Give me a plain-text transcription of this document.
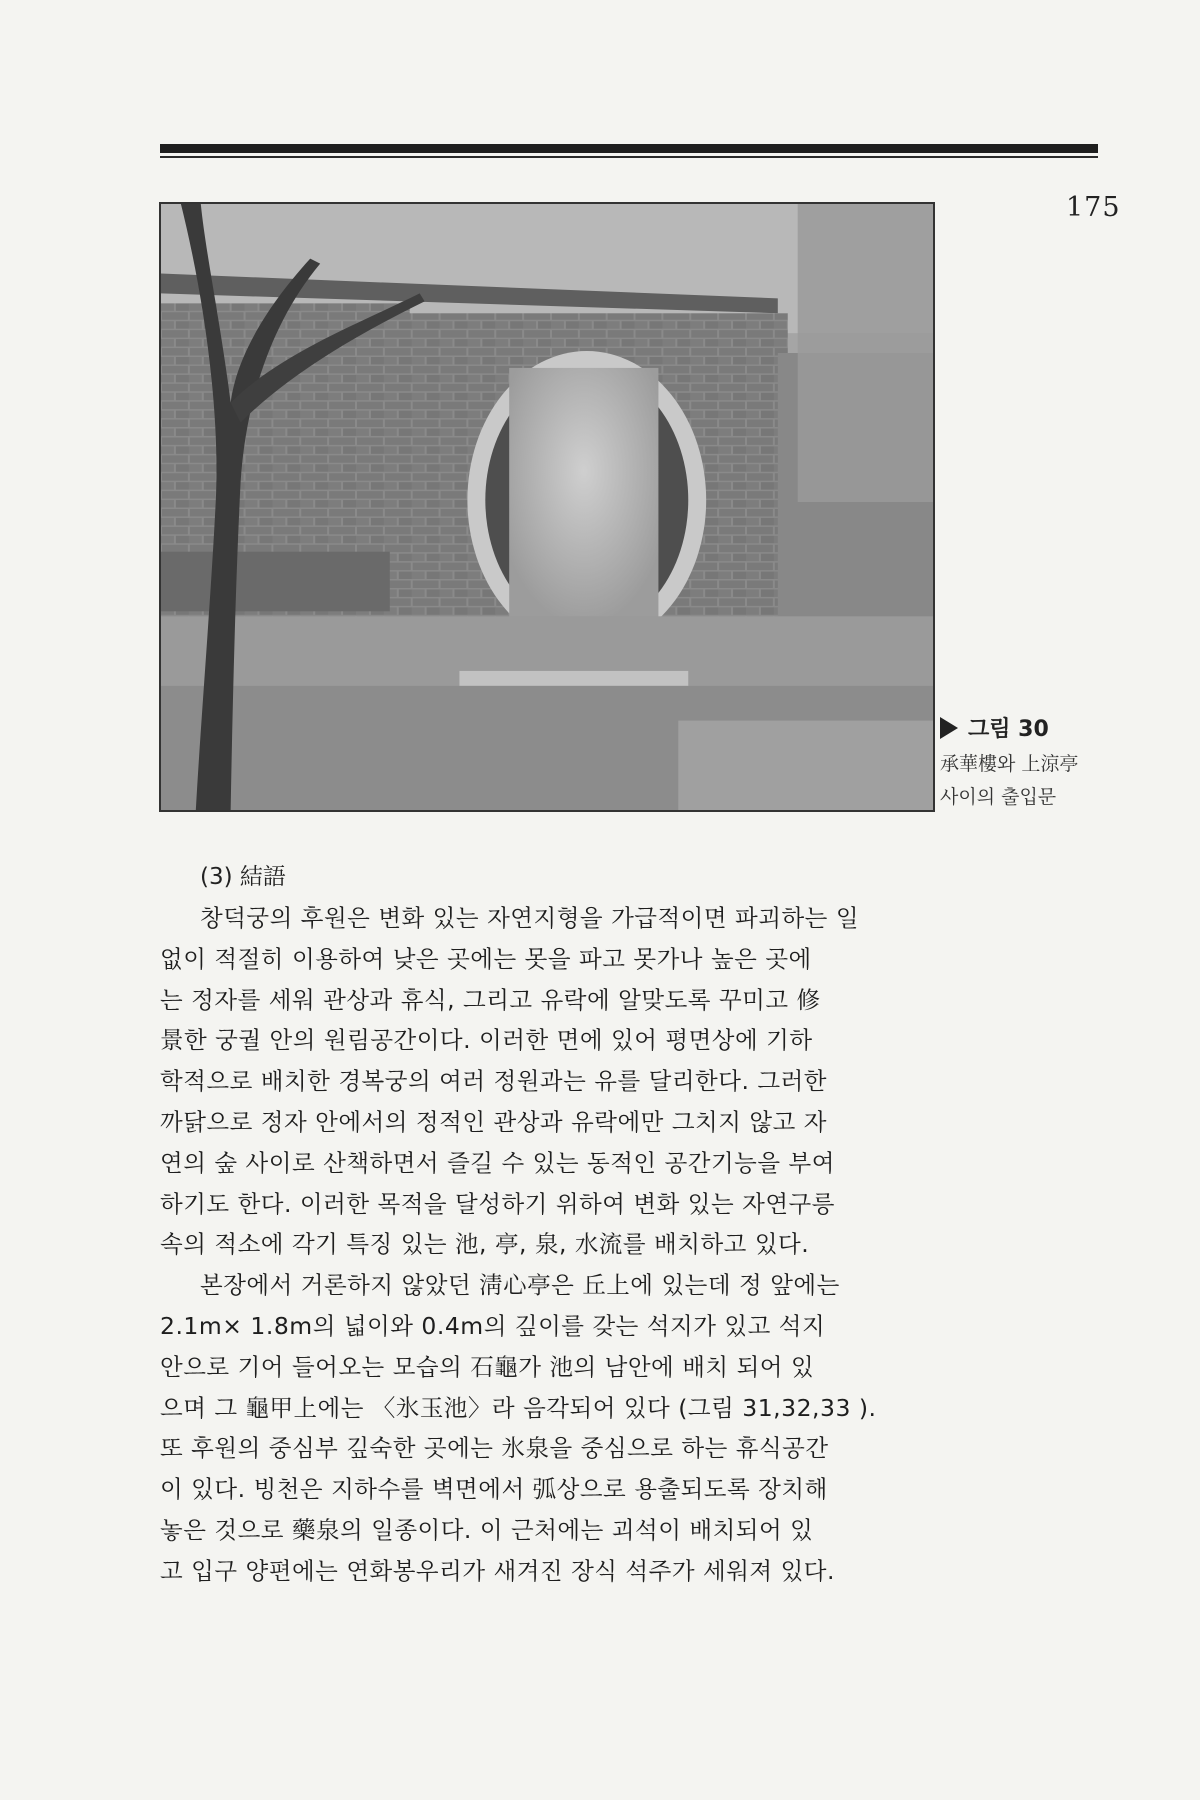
175
그림 30
承華樓와 上涼亭
사이의 출입문
(3) 結語
창덕궁의 후원은 변화 있는 자연지형을 가급적이면 파괴하는 일
없이 적절히 이용하여 낮은 곳에는 못을 파고 못가나 높은 곳에
는 정자를 세워 관상과 휴식, 그리고 유락에 알맞도록 꾸미고 修
景한 궁궐 안의 원림공간이다. 이러한 면에 있어 평면상에 기하
학적으로 배치한 경복궁의 여러 정원과는 유를 달리한다. 그러한
까닭으로 정자 안에서의 정적인 관상과 유락에만 그치지 않고 자
연의 숲 사이로 산책하면서 즐길 수 있는 동적인 공간기능을 부여
하기도 한다. 이러한 목적을 달성하기 위하여 변화 있는 자연구릉
속의 적소에 각기 특징 있는 池, 亭, 泉, 水流를 배치하고 있다.
본장에서 거론하지 않았던 淸心亭은 丘上에 있는데 정 앞에는
2.1m× 1.8m의 넓이와 0.4m의 깊이를 갖는 석지가 있고 석지
안으로 기어 들어오는 모습의 石龜가 池의 남안에 배치 되어 있
으며 그 龜甲上에는 〈氷玉池〉라 음각되어 있다 (그림 31,32,33 ).
또 후원의 중심부 깊숙한 곳에는 氷泉을 중심으로 하는 휴식공간
이 있다. 빙천은 지하수를 벽면에서 弧상으로 용출되도록 장치해
놓은 것으로 藥泉의 일종이다. 이 근처에는 괴석이 배치되어 있
고 입구 양편에는 연화봉우리가 새겨진 장식 석주가 세워져 있다.
